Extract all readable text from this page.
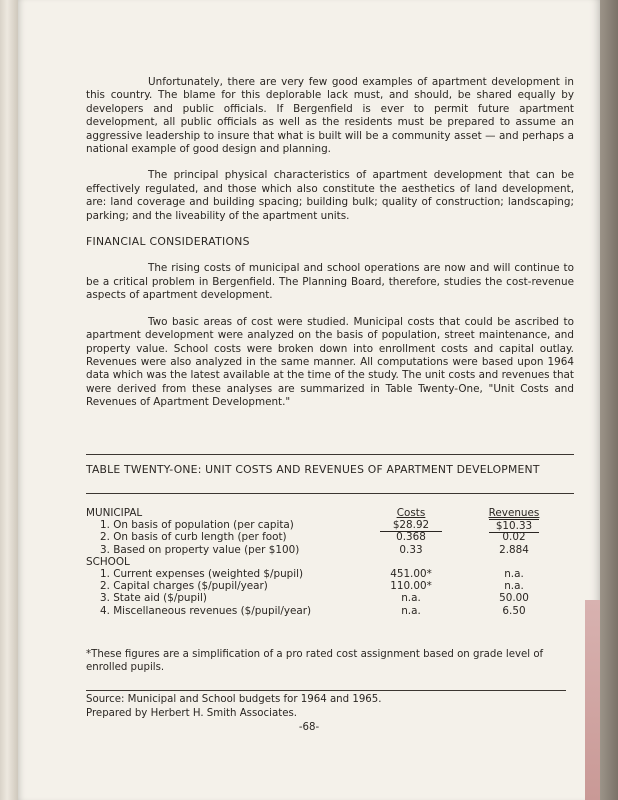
Unfortunately, there are very few good examples of apartment development in this country. The blame for this deplorable lack must, and should, be shared equally by developers and public officials. If Bergenfield is ever to permit future apartment development, all public officials as well as the residents must be prepared to assume an aggressive leadership to insure that what is built will be a community asset — and perhaps a national example of good design and planning.

The principal physical characteristics of apartment development that can be effectively regulated, and those which also constitute the aesthetics of land development, are: land coverage and building spacing; building bulk; quality of construction; landscaping; parking; and the liveability of the apartment units.

FINANCIAL CONSIDERATIONS

The rising costs of municipal and school operations are now and will continue to be a critical problem in Bergenfield. The Planning Board, therefore, studies the cost-revenue aspects of apartment development.

Two basic areas of cost were studied. Municipal costs that could be ascribed to apartment development were analyzed on the basis of population, street maintenance, and property value. School costs were broken down into enrollment costs and capital outlay. Revenues were also analyzed in the same manner. All computations were based upon 1964 data which was the latest available at the time of the study. The unit costs and revenues that were derived from these analyses are summarized in Table Twenty-One, "Unit Costs and Revenues of Apartment Development."

TABLE TWENTY-ONE: UNIT COSTS AND REVENUES OF APARTMENT DEVELOPMENT
MUNICIPAL	Costs	Revenues
1. On basis of population (per capita)	$28.92	$10.33
2. On basis of curb length (per foot)	0.368	0.02
3. Based on property value (per $100)	0.33	2.884
SCHOOL
1. Current expenses (weighted $/pupil)	451.00*	n.a.
2. Capital charges ($/pupil/year)	110.00*	n.a.
3. State aid ($/pupil)	n.a.	50.00
4. Miscellaneous revenues ($/pupil/year)	n.a.	6.50
*These figures are a simplification of a pro rated cost assignment based on grade level of enrolled pupils.
Source: Municipal and School budgets for 1964 and 1965.
Prepared by Herbert H. Smith Associates.
-68-
